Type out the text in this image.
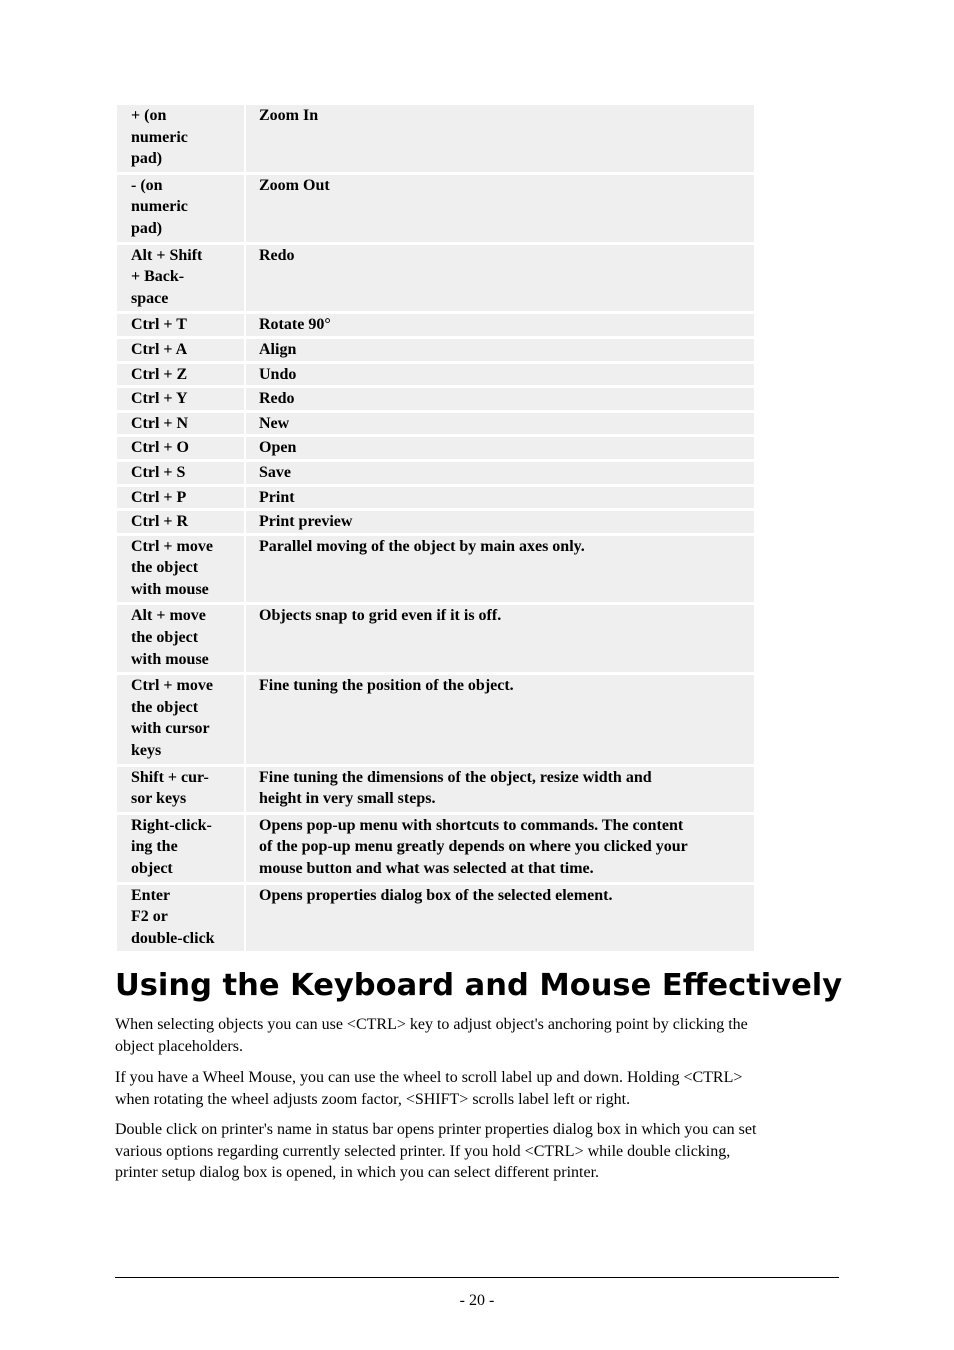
+ (on
numeric
pad)	Zoom In

- (on
numeric
pad)	Zoom Out

Alt + Shift
+ Back-
space	Redo

Ctrl + T	Rotate 90°

Ctrl + A	Align

Ctrl + Z	Undo

Ctrl + Y	Redo

Ctrl + N	New

Ctrl + O	Open

Ctrl + S	Save

Ctrl + P	Print

Ctrl + R	Print preview

Ctrl + move
the object
with mouse	Parallel moving of the object by main axes only.

Alt + move
the object
with mouse	Objects snap to grid even if it is off.

Ctrl + move
the object
with cursor
keys	Fine tuning the position of the object.

Shift + cur-
sor keys	Fine tuning the dimensions of the object, resize width and
height in very small steps.

Right-click-
ing the
object	Opens pop-up menu with shortcuts to commands. The content
of the pop-up menu greatly depends on where you clicked your
mouse button and what was selected at that time.

Enter
F2 or
double-click	Opens properties dialog box of the selected element.
Using the Keyboard and Mouse Effectively

When selecting objects you can use <CTRL> key to adjust object's anchoring point by clicking the
object placeholders.

If you have a Wheel Mouse, you can use the wheel to scroll label up and down. Holding <CTRL>
when rotating the wheel adjusts zoom factor, <SHIFT> scrolls label left or right.

Double click on printer's name in status bar opens printer properties dialog box in which you can set
various options regarding currently selected printer. If you hold <CTRL> while double clicking,
printer setup dialog box is opened, in which you can select different printer.

- 20 -
